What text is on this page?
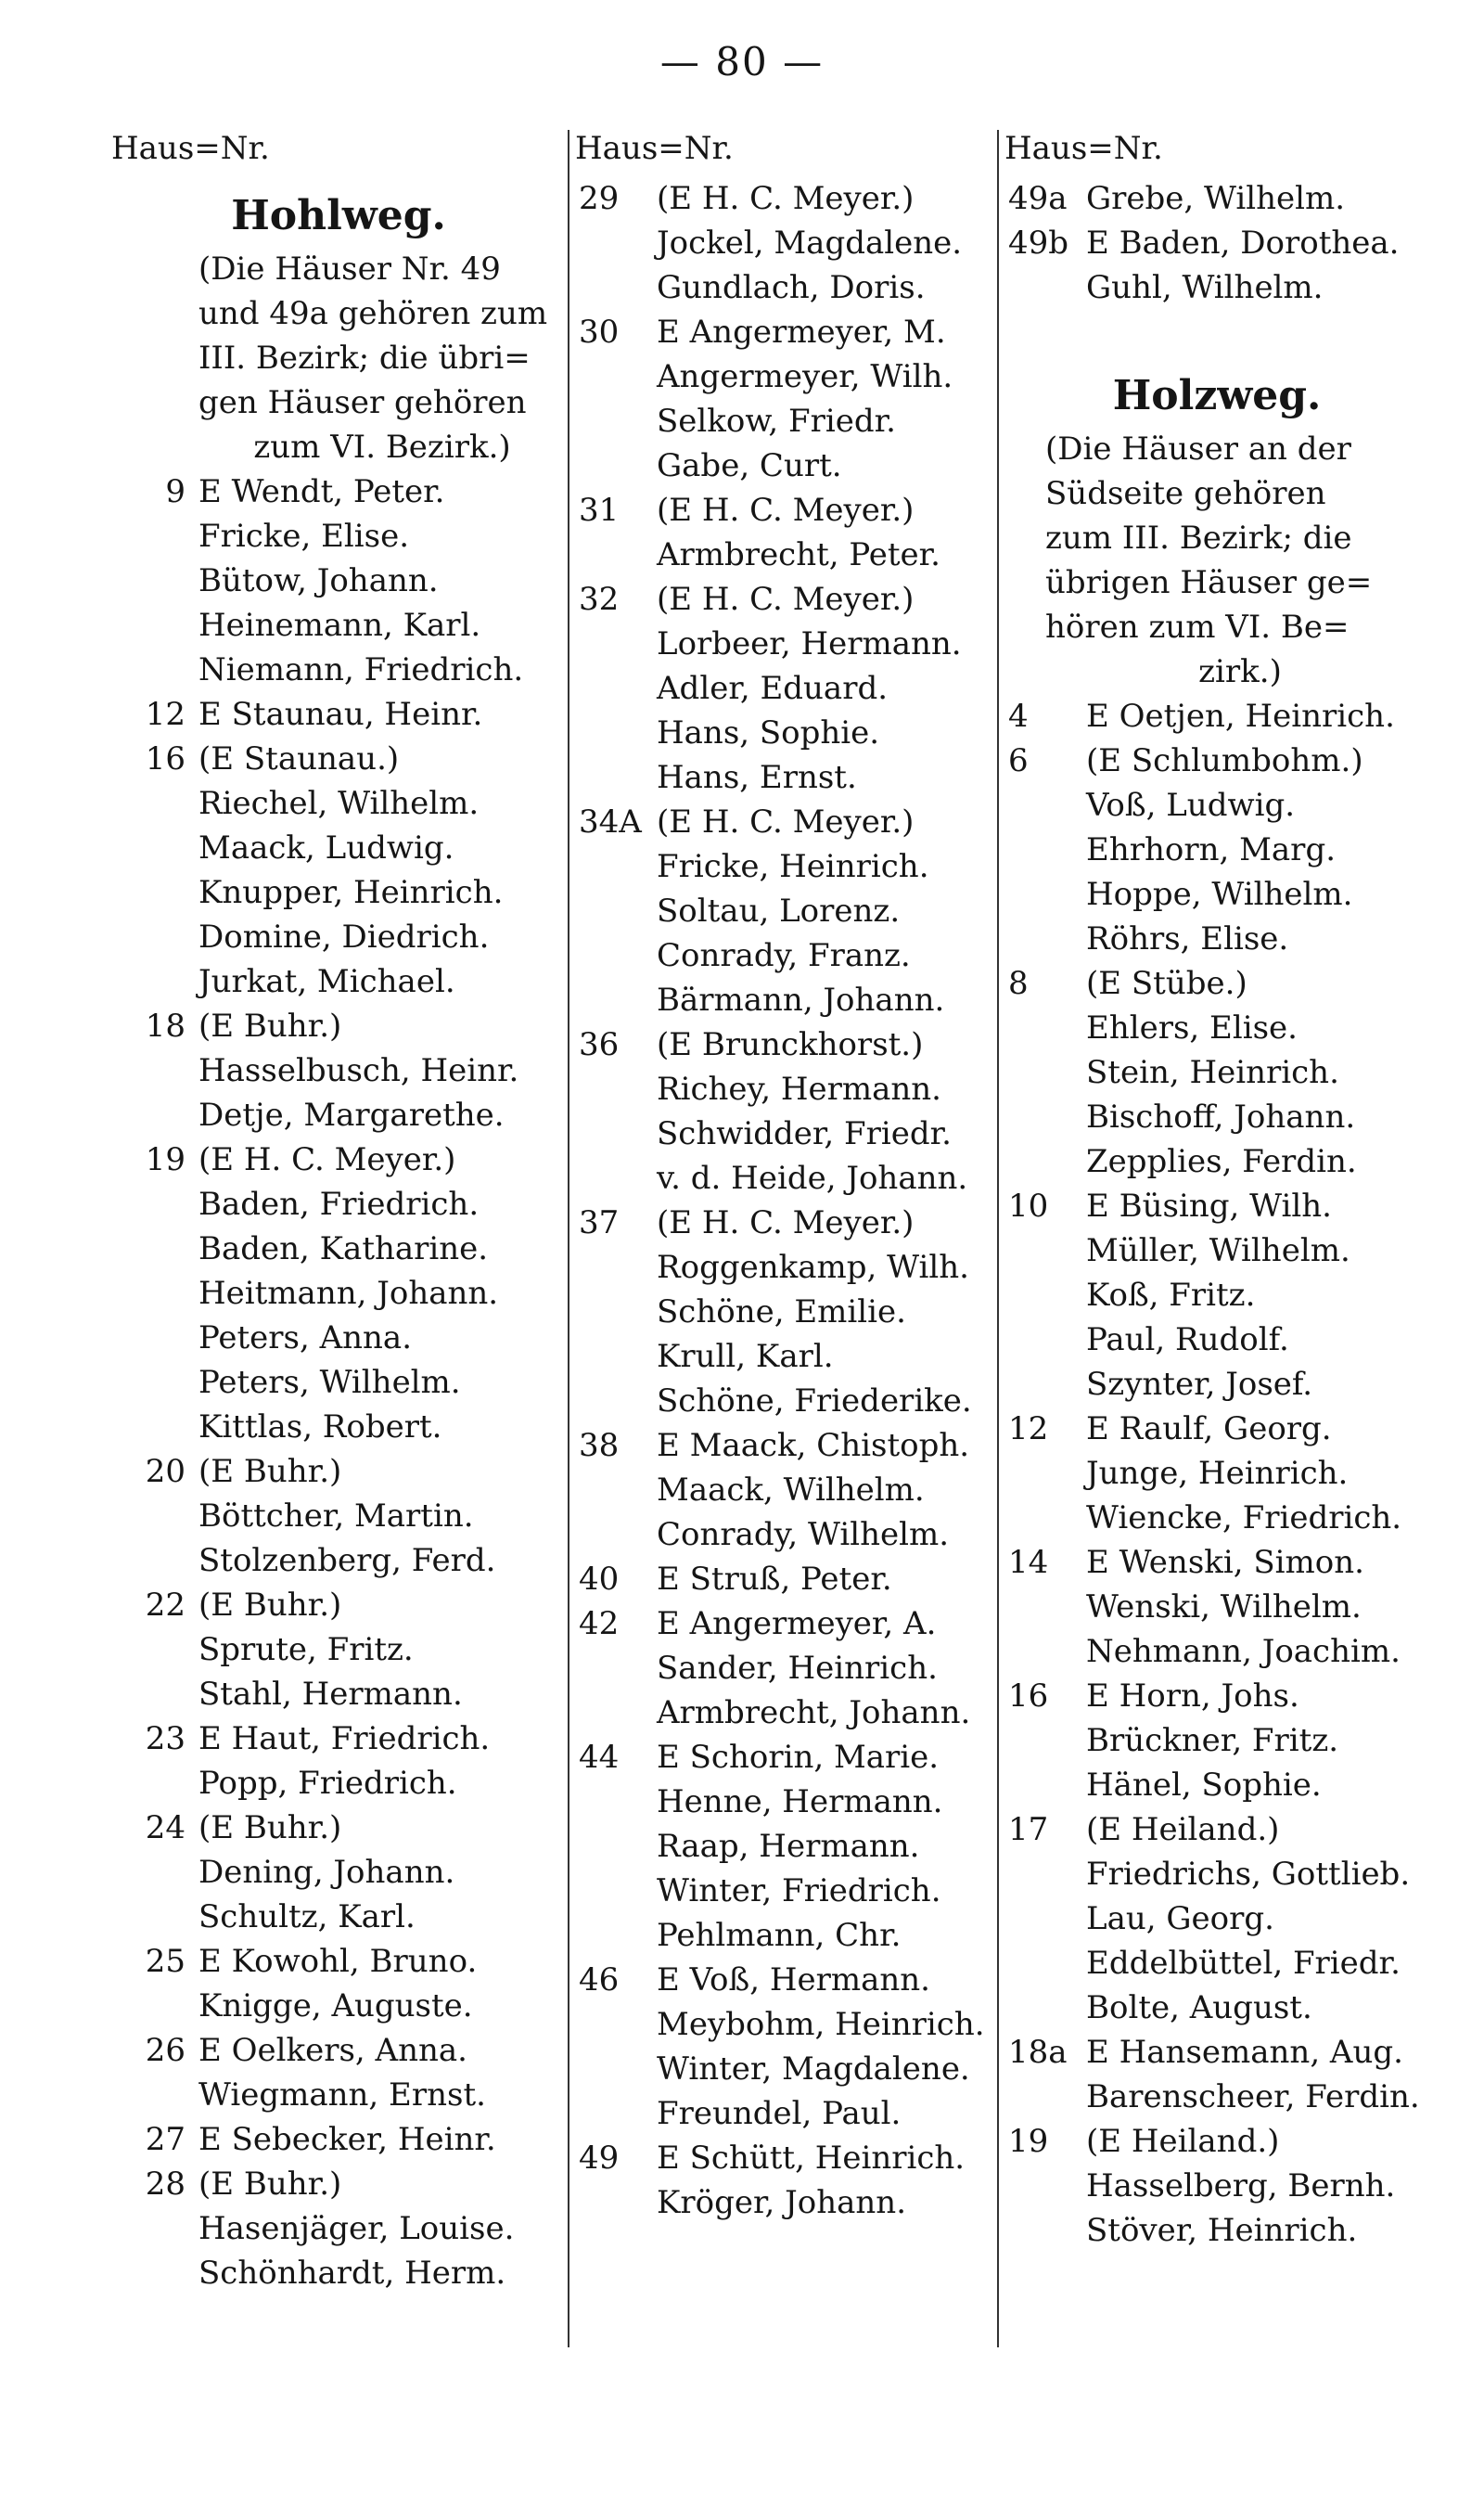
— 80 —
Haus=Nr.
Hohlweg.
(Die Häuser Nr. 49
und 49a gehören zum
III. Bezirk; die übri=
gen Häuser gehören
zum VI. Bezirk.)
9 E Wendt, Peter.
Fricke, Elise.
Bütow, Johann.
Heinemann, Karl.
Niemann, Friedrich.
12 E Staunau, Heinr.
16 (E Staunau.)
Riechel, Wilhelm.
Maack, Ludwig.
Knupper, Heinrich.
Domine, Diedrich.
Jurkat, Michael.
18 (E Buhr.)
Hasselbusch, Heinr.
Detje, Margarethe.
19 (E H. C. Meyer.)
Baden, Friedrich.
Baden, Katharine.
Heitmann, Johann.
Peters, Anna.
Peters, Wilhelm.
Kittlas, Robert.
20 (E Buhr.)
Böttcher, Martin.
Stolzenberg, Ferd.
22 (E Buhr.)
Sprute, Fritz.
Stahl, Hermann.
23 E Haut, Friedrich.
Popp, Friedrich.
24 (E Buhr.)
Dening, Johann.
Schultz, Karl.
25 E Kowohl, Bruno.
Knigge, Auguste.
26 E Oelkers, Anna.
Wiegmann, Ernst.
27 E Sebecker, Heinr.
28 (E Buhr.)
Hasenjäger, Louise.
Schönhardt, Herm.
Haus=Nr.
29	(E H. C. Meyer.)
Jockel, Magdalene.
Gundlach, Doris.
30	E Angermeyer, M.
Angermeyer, Wilh.
Selkow, Friedr.
Gabe, Curt.
31	(E H. C. Meyer.)
Armbrecht, Peter.
32	(E H. C. Meyer.)
Lorbeer, Hermann.
Adler, Eduard.
Hans, Sophie.
Hans, Ernst.
34A (E H. C. Meyer.)
Fricke, Heinrich.
Soltau, Lorenz.
Conrady, Franz.
Bärmann, Johann.
36	(E Brunckhorst.)
Richey, Hermann.
Schwidder, Friedr.
v. d. Heide, Johann.
37	(E H. C. Meyer.)
Roggenkamp, Wilh.
Schöne, Emilie.
Krull, Karl.
Schöne, Friederike.
38	E Maack, Chistoph.
Maack, Wilhelm.
Conrady, Wilhelm.
40	E Struß, Peter.
42	E Angermeyer, A.
Sander, Heinrich.
Armbrecht, Johann.
44	E Schorin, Marie.
Henne, Hermann.
Raap, Hermann.
Winter, Friedrich.
Pehlmann, Chr.
46	E Voß, Hermann.
Meybohm, Heinrich.
Winter, Magdalene.
Freundel, Paul.
49	E Schütt, Heinrich.
Kröger, Johann.
Haus=Nr.
49a Grebe, Wilhelm.
49b E Baden, Dorothea.
Guhl, Wilhelm.
Holzweg.
(Die Häuser an der
Südseite gehören
zum III. Bezirk; die
übrigen Häuser ge=
hören zum VI. Be=
zirk.)
4	E Oetjen, Heinrich.
6	(E Schlumbohm.)
Voß, Ludwig.
Ehrhorn, Marg.
Hoppe, Wilhelm.
Röhrs, Elise.
8	(E Stübe.)
Ehlers, Elise.
Stein, Heinrich.
Bischoff, Johann.
Zepplies, Ferdin.
10	E Büsing, Wilh.
Müller, Wilhelm.
Koß, Fritz.
Paul, Rudolf.
Szynter, Josef.
12	E Raulf, Georg.
Junge, Heinrich.
Wiencke, Friedrich.
14	E Wenski, Simon.
Wenski, Wilhelm.
Nehmann, Joachim.
16	E Horn, Johs.
Brückner, Fritz.
Hänel, Sophie.
17	(E Heiland.)
Friedrichs, Gottlieb.
Lau, Georg.
Eddelbüttel, Friedr.
Bolte, August.
18a E Hansemann, Aug.
Barenscheer, Ferdin.
19	(E Heiland.)
Hasselberg, Bernh.
Stöver, Heinrich.
